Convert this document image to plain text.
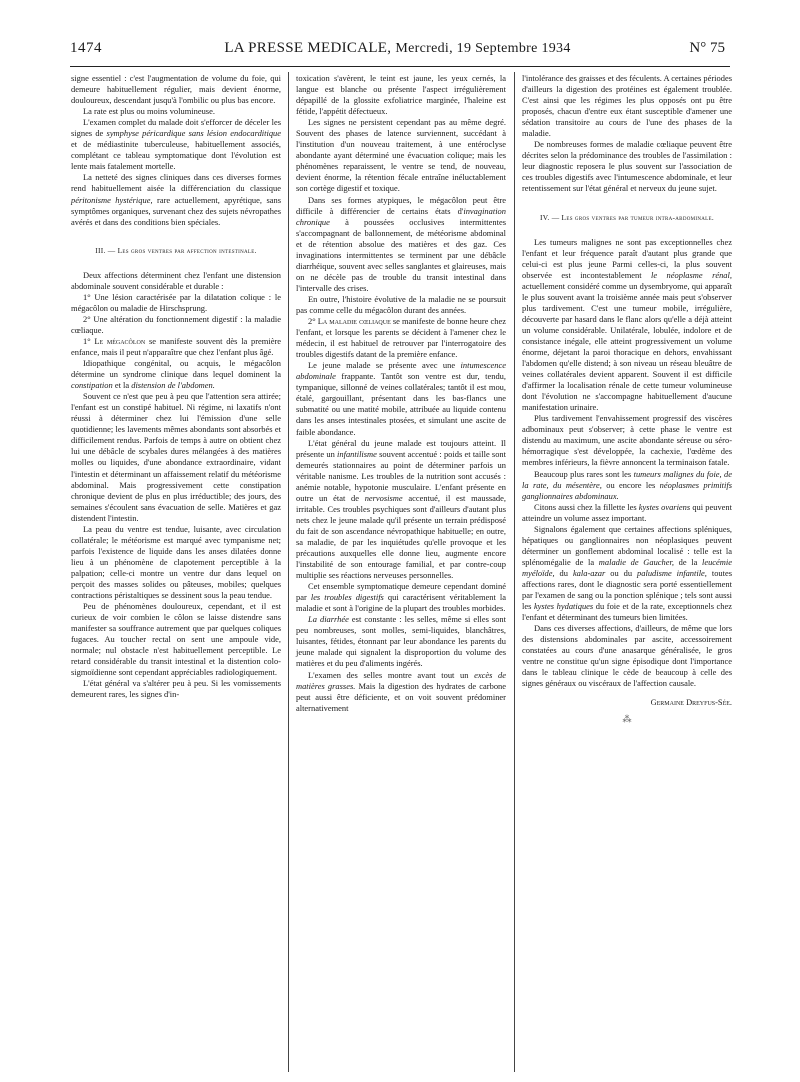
1474	LA PRESSE MEDICALE, Mercredi, 19 Septembre 1934	N° 75

signe essentiel : c'est l'augmentation de volume du foie, qui demeure habituellement régulier, mais devient énorme, douloureux, descendant jusqu'à l'ombilic ou plus bas encore.

La rate est plus ou moins volumineuse.

L'examen complet du malade doit s'efforcer de déceler les signes de symphyse péricardique sans lésion endocarditique et de médiastinite tuberculeuse, habituellement associés, complétant ce tableau symptomatique dont l'évolution est lente mais fatalement mortelle.

La netteté des signes cliniques dans ces diverses formes rend habituellement aisée la différenciation du classique péritonisme hystérique, rare actuellement, apyrétique, sans symptômes organiques, survenant chez des sujets névropathes avérés et dans des conditions bien spéciales.

III. — Les gros ventres par affection intestinale.

Deux affections déterminent chez l'enfant une distension abdominale souvent considérable et durable :

1° Une lésion caractérisée par la dilatation colique : le mégacôlon ou maladie de Hirschsprung.

2° Une altération du fonctionnement digestif : la maladie cœliaque.

1° Le mégacôlon se manifeste souvent dès la première enfance, mais il peut n'apparaître que chez l'enfant plus âgé.

Idiopathique congénital, ou acquis, le mégacôlon détermine un syndrome clinique dans lequel dominent la constipation et la distension de l'abdomen.

Souvent ce n'est que peu à peu que l'attention sera attirée; l'enfant est un constipé habituel. Ni régime, ni laxatifs n'ont réussi à déterminer chez lui l'émission d'une selle quotidienne; les lavements mêmes abondants sont absorbés et difficilement rendus. Parfois de temps à autre on obtient chez lui une débâcle de scybales dures mélangées à des matières molles ou liquides, d'une abondance extraordinaire, vidant l'intestin et déterminant un affaissement relatif du météorisme abdominal. Mais progressivement cette constipation chronique devient de plus en plus irréductible; des jours, des semaines s'écoulent sans évacuation de selle. Matières et gaz distendent l'intestin.

La peau du ventre est tendue, luisante, avec circulation collatérale; le météorisme est marqué avec tympanisme net; parfois l'existence de liquide dans les anses dilatées donne lieu à un phénomène de clapotement perceptible à la palpation; celle-ci montre un ventre dur dans lequel on perçoit des masses solides ou pâteuses, mobiles; quelques contractions péristaltiques se dessinent sous la peau tendue.

Peu de phénomènes douloureux, cependant, et il est curieux de voir combien le côlon se laisse distendre sans manifester sa souffrance autrement que par quelques coliques fugaces. Au toucher rectal on sent une ampoule vide, normale; nul obstacle n'est habituellement perceptible. Le retard considérable du transit intestinal et la distention colo-sigmoïdienne sont cependant appréciables radiologiquement.

L'état général va s'altérer peu à peu. Si les vomissements demeurent rares, les signes d'in-

toxication s'avèrent, le teint est jaune, les yeux cernés, la langue est blanche ou présente l'aspect irrégulièrement dépapillé de la glossite exfoliatrice marginée, l'haleine est fétide, l'appétit défectueux.

Les signes ne persistent cependant pas au même degré. Souvent des phases de latence surviennent, succédant à l'institution d'un nouveau traitement, à une entéroclyse abondante ayant déterminé une évacuation colique; mais les phénomènes reparaissent, le ventre se tend, de nouveau, devient énorme, la rétention fécale entraîne inéluctablement son cortège digestif et toxique.

Dans ses formes atypiques, le mégacôlon peut être difficile à différencier de certains états d'invagination chronique à poussées occlusives intermittentes s'accompagnant de ballonnement, de météorisme abdominal et de rétention absolue des matières et des gaz. Ces invaginations intermittentes se terminent par une débâcle diarrhéique, souvent avec selles sanglantes et glaireuses, mais on ne décèle pas de trouble du transit intestinal dans l'intervalle des crises.

En outre, l'histoire évolutive de la maladie ne se poursuit pas comme celle du mégacôlon durant des années.

2° La maladie cœliaque se manifeste de bonne heure chez l'enfant, et lorsque les parents se décident à l'amener chez le médecin, il est habituel de retrouver par l'interrogatoire des troubles digestifs datant de la première enfance.

Le jeune malade se présente avec une intumescence abdominale frappante. Tantôt son ventre est dur, tendu, tympanique, sillonné de veines collatérales; tantôt il est mou, étalé, gargouillant, présentant dans les bas-flancs une submatité ou une matité mobile, attribuée au liquide contenu dans les anses intestinales ptosées, et simulant une ascite de faible abondance.

L'état général du jeune malade est toujours atteint. Il présente un infantilisme souvent accentué : poids et taille sont demeurés stationnaires au point de déterminer parfois un véritable nanisme. Les troubles de la nutrition sont accusés : anémie notable, hypotonie musculaire. L'enfant présente en outre un état de nervosisme accentué, il est maussade, irritable. Ces troubles psychiques sont d'ailleurs d'autant plus nets chez le jeune malade qu'il présente un terrain prédisposé du fait de son ascendance névropathique habituelle; en outre, sa maladie, de par les inquiétudes qu'elle provoque et les précautions auxquelles elle donne lieu, augmente encore l'instabilité de son entourage familial, et par contre-coup multiplie ses réactions nerveuses personnelles.

Cet ensemble symptomatique demeure cependant dominé par les troubles digestifs qui caractérisent véritablement la maladie et sont à l'origine de la plupart des troubles morbides.

La diarrhée est constante : les selles, même si elles sont peu nombreuses, sont molles, semi-liquides, blanchâtres, luisantes, fétides, étonnant par leur abondance les parents du jeune malade qui signalent la disproportion du volume des matières et du peu d'aliments ingérés.

L'examen des selles montre avant tout un excès de matières grasses. Mais la digestion des hydrates de carbone peut aussi être déficiente, et on voit souvent prédominer alternativement

l'intolérance des graisses et des féculents. A certaines périodes d'ailleurs la digestion des protéines est également troublée. C'est ainsi que les régimes les plus opposés ont pu être proposés, chacun d'entre eux étant susceptible d'amener une sédation transitoire au cours de l'une des phases de la maladie.

De nombreuses formes de maladie cœliaque peuvent être décrites selon la prédominance des troubles de l'assimilation : leur diagnostic reposera le plus souvent sur l'association de ces troubles digestifs avec l'intumescence abdominale, et leur retentissement sur l'état général et nerveux du jeune sujet.

IV. — Les gros ventres par tumeur intra-abdominale.

Les tumeurs malignes ne sont pas exceptionnelles chez l'enfant et leur fréquence paraît d'autant plus grande que celui-ci est plus jeune Parmi celles-ci, la plus souvent observée est incontestablement le néoplasme rénal, actuellement considéré comme un dysembryome, qui apparaît le plus souvent avant la troisième année mais peut s'observer plus tardivement. C'est une tumeur mobile, irrégulière, découverte par hasard dans le flanc alors qu'elle a déjà atteint un volume considérable. Unilatérale, lobulée, indolore et de consistance inégale, elle atteint progressivement un volume énorme, déjetant la paroi thoracique en dehors, envahissant l'abdomen qu'elle distend; à son niveau un réseau bleuâtre de veines collatérales devient apparent. Souvent il est difficile d'affirmer la localisation rénale de cette tumeur volumineuse dont l'évolution ne s'accompagne habituellement d'aucune manifestation urinaire.

Plus tardivement l'envahissement progressif des viscères adbominaux peut s'observer; à cette phase le ventre est distendu au maximum, une ascite abondante séreuse ou séro-hémorragique s'est développée, la cachexie, l'œdème des membres inférieurs, la fièvre annoncent la terminaison fatale.

Beaucoup plus rares sont les tumeurs malignes du foie, de la rate, du mésentère, ou encore les néoplasmes primitifs ganglionnaires abdominaux.

Citons aussi chez la fillette les kystes ovariens qui peuvent atteindre un volume assez important.

Signalons également que certaines affections spléniques, hépatiques ou ganglionnaires non néoplasiques peuvent déterminer un gonflement abdominal localisé : telle est la splénomégalie de la maladie de Gaucher, de la leucémie myéloïde, du kala-azar ou du paludisme infantile, toutes affections rares, dont le diagnostic sera porté essentiellement par l'examen de sang ou la ponction splénique ; tels sont aussi les kystes hydatiques du foie et de la rate, exceptionnels chez l'enfant et déterminant des tumeurs bien limitées.

Dans ces diverses affections, d'ailleurs, de même que lors des distensions abdominales par ascite, accessoirement constatées au cours d'une anasarque généralisée, le gros ventre ne constitue qu'un signe épisodique dont l'importance dans le tableau clinique le cède de beaucoup à celle des signes généraux ou viscéraux de l'affection causale.

Germaine Dreyfus-Sée.
⁂
